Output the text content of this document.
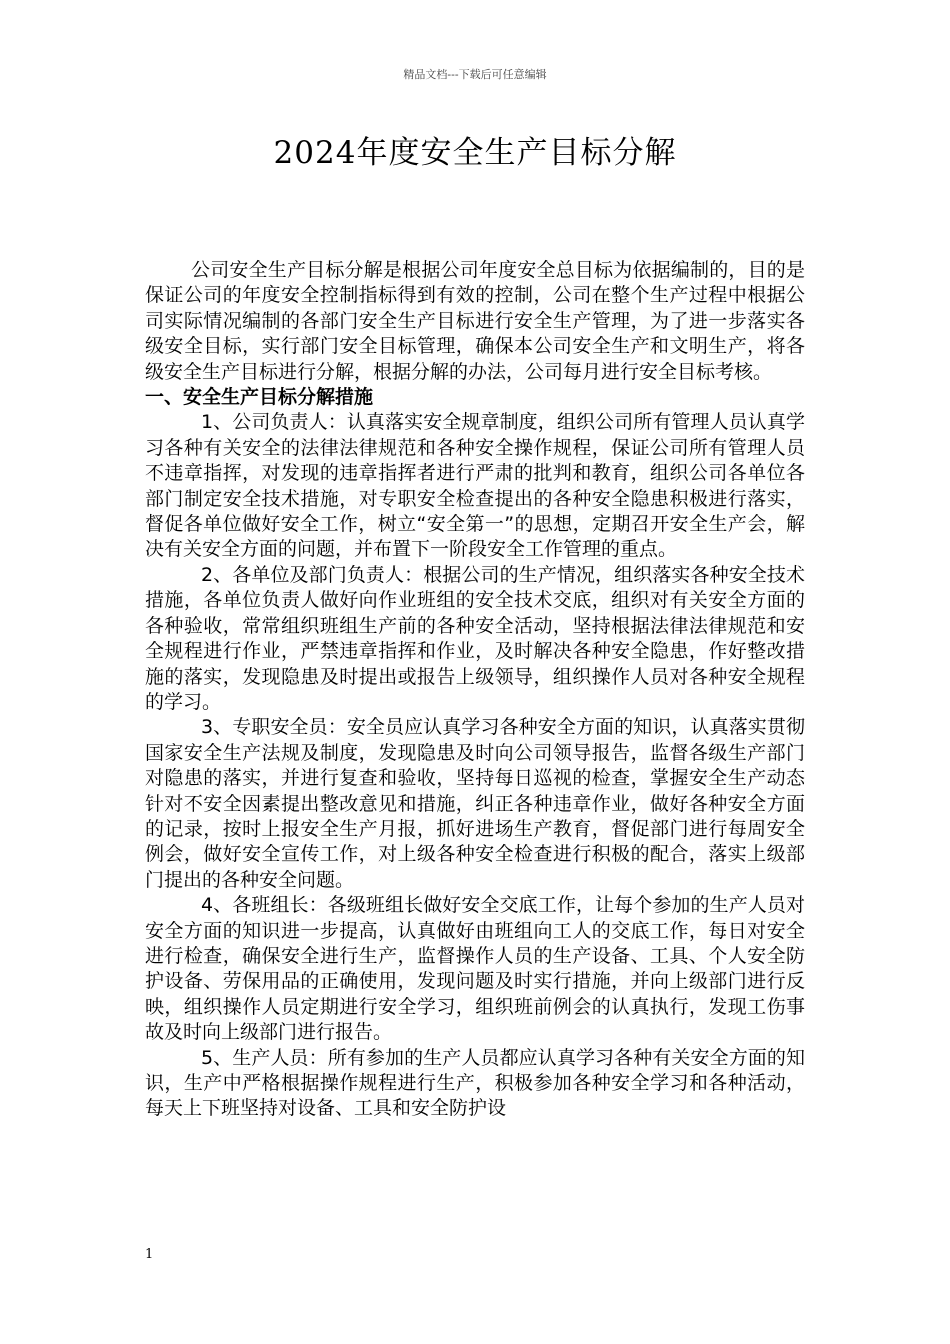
精品文档---下载后可任意编辑
2024年度安全生产目标分解

公司安全生产目标分解是根据公司年度安全总目标为依据编制的，目的是保证公司的年度安全控制指标得到有效的控制，公司在整个生产过程中根据公司实际情况编制的各部门安全生产目标进行安全生产管理，为了进一步落实各级安全目标，实行部门安全目标管理，确保本公司安全生产和文明生产，将各级安全生产目标进行分解，根据分解的办法，公司每月进行安全目标考核。

一、安全生产目标分解措施

1、公司负责人：认真落实安全规章制度，组织公司所有管理人员认真学习各种有关安全的法律法律规范和各种安全操作规程，保证公司所有管理人员不违章指挥，对发现的违章指挥者进行严肃的批判和教育，组织公司各单位各部门制定安全技术措施，对专职安全检查提出的各种安全隐患积极进行落实，督促各单位做好安全工作，树立“安全第一”的思想，定期召开安全生产会，解决有关安全方面的问题，并布置下一阶段安全工作管理的重点。

2、各单位及部门负责人：根据公司的生产情况，组织落实各种安全技术措施，各单位负责人做好向作业班组的安全技术交底，组织对有关安全方面的各种验收，常常组织班组生产前的各种安全活动，坚持根据法律法律规范和安全规程进行作业，严禁违章指挥和作业，及时解决各种安全隐患，作好整改措施的落实，发现隐患及时提出或报告上级领导，组织操作人员对各种安全规程的学习。

3、专职安全员：安全员应认真学习各种安全方面的知识，认真落实贯彻国家安全生产法规及制度，发现隐患及时向公司领导报告，监督各级生产部门对隐患的落实，并进行复查和验收，坚持每日巡视的检查，掌握安全生产动态针对不安全因素提出整改意见和措施，纠正各种违章作业，做好各种安全方面的记录，按时上报安全生产月报，抓好进场生产教育，督促部门进行每周安全例会，做好安全宣传工作，对上级各种安全检查进行积极的配合，落实上级部门提出的各种安全问题。

4、各班组长：各级班组长做好安全交底工作，让每个参加的生产人员对安全方面的知识进一步提高，认真做好由班组向工人的交底工作，每日对安全进行检查，确保安全进行生产，监督操作人员的生产设备、工具、个人安全防护设备、劳保用品的正确使用，发现问题及时实行措施，并向上级部门进行反映，组织操作人员定期进行安全学习，组织班前例会的认真执行，发现工伤事故及时向上级部门进行报告。

5、生产人员：所有参加的生产人员都应认真学习各种有关安全方面的知识，生产中严格根据操作规程进行生产，积极参加各种安全学习和各种活动，每天上下班坚持对设备、工具和安全防护设

1
